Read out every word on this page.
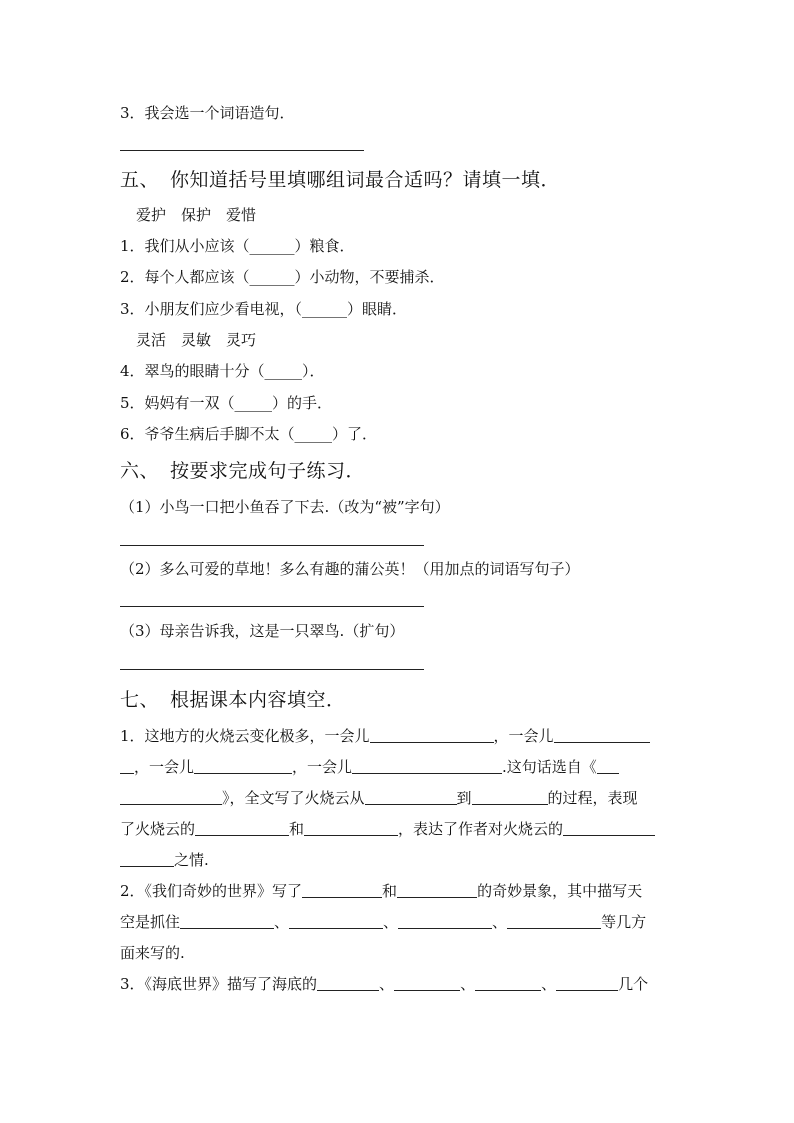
3．我会选一个词语造句．
五、 你知道括号里填哪组词最合适吗？请填一填．
爱护　保护　爱惜
1．我们从小应该（______）粮食．
2．每个人都应该（______）小动物，不要捕杀．
3．小朋友们应少看电视，（______）眼睛．
灵活　灵敏　灵巧
4．翠鸟的眼睛十分（_____）．
5．妈妈有一双（_____）的手．
6．爷爷生病后手脚不太（_____）了．
六、 按要求完成句子练习．
（1）小鸟一口把小鱼吞了下去.（改为“被”字句）
（2）多么可爱的草地！多么有趣的蒲公英！（用加点的词语写句子）
（3）母亲告诉我，这是一只翠鸟.（扩句）
七、 根据课本内容填空．
1．这地方的火烧云变化极多，一会儿	，一会儿
，一会儿	，一会儿	.这句话选自《
》，全文写了火烧云从	到	的过程，表现
了火烧云的	和	，表达了作者对火烧云的
之情.
2．《我们奇妙的世界》写了	和	的奇妙景象，其中描写天
空是抓住	、	、	、	等几方
面来写的.
3．《海底世界》描写了海底的	、	、	、	几个
